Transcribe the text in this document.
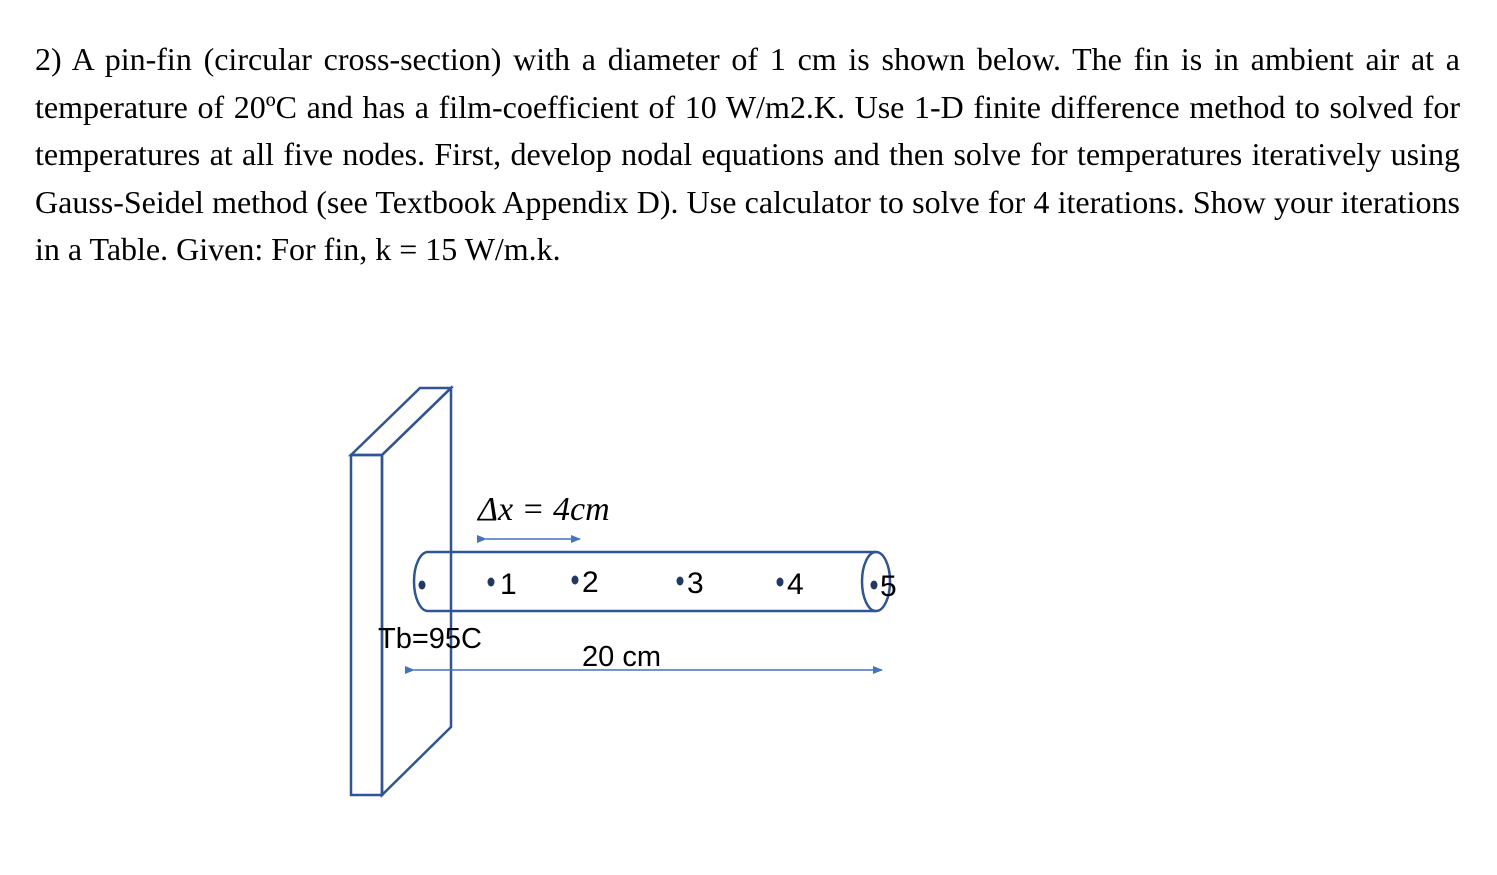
2) A pin-fin (circular cross-section) with a diameter of 1 cm is shown below. The fin is in ambient air at a temperature of 20ºC and has a film-coefficient of 10 W/m2.K. Use 1-D finite difference method to solved for temperatures at all five nodes. First, develop nodal equations and then solve for temperatures iteratively using Gauss-Seidel method (see Textbook Appendix D). Use calculator to solve for 4 iterations. Show your iterations in a Table. Given: For fin, k = 15 W/m.k.

1 2	3	4	5
Δx = 4cm
Tb=95C
20 cm
